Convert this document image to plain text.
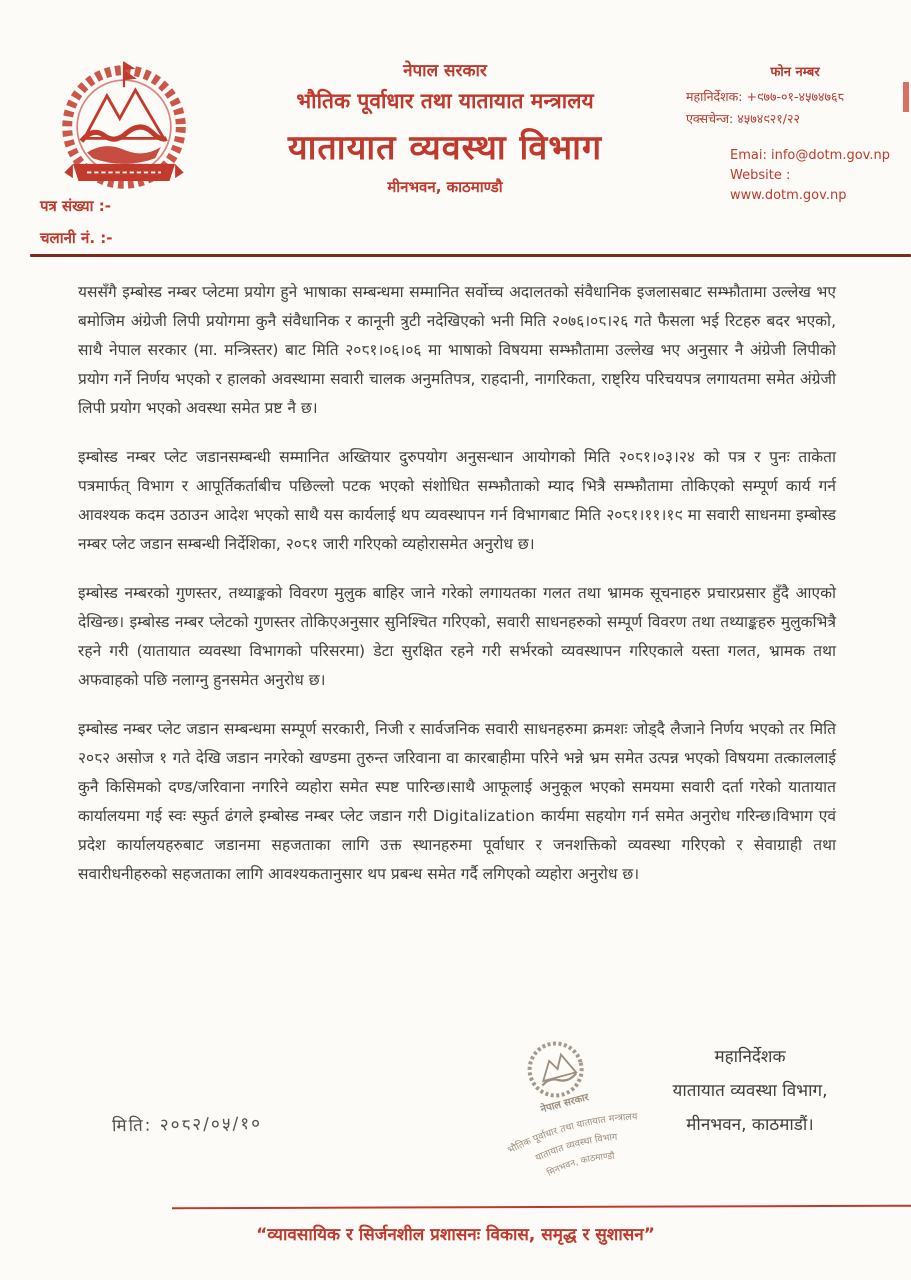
नेपाल सरकार

भौतिक पूर्वाधार तथा यातायात मन्त्रालय

यातायात व्यवस्था विभाग

मीनभवन, काठमाण्डौ

फोन नम्बर
महानिर्देशक: +९७७-०१-४५७४७६८
एक्सचेन्ज: ४५७४९२१/२२
Emai: info@dotm.gov.np
Website : www.dotm.gov.np
पत्र संख्या :-
चलानी नं. :-

यससँगै इम्बोस्ड नम्बर प्लेटमा प्रयोग हुने भाषाका सम्बन्धमा सम्मानित सर्वोच्च अदालतको संवैधानिक इजलासबाट सम्झौतामा उल्लेख भए बमोजिम अंग्रेजी लिपी प्रयोगमा कुनै संवैधानिक र कानूनी त्रुटी नदेखिएको भनी मिति २०७६।०८।२६ गते फैसला भई रिटहरु बदर भएको, साथै नेपाल सरकार (मा. मन्त्रिस्तर) बाट मिति २०८१।०६।०६ मा भाषाको विषयमा सम्झौतामा उल्लेख भए अनुसार नै अंग्रेजी लिपीको प्रयोग गर्ने निर्णय भएको र हालको अवस्थामा सवारी चालक अनुमतिपत्र, राहदानी, नागरिकता, राष्ट्रिय परिचयपत्र लगायतमा समेत अंग्रेजी लिपी प्रयोग भएको अवस्था समेत प्रष्ट नै छ।

इम्बोस्ड नम्बर प्लेट जडानसम्बन्धी सम्मानित अख्तियार दुरुपयोग अनुसन्धान आयोगको मिति २०८१।०३।२४ को पत्र र पुनः ताकेता पत्रमार्फत् विभाग र आपूर्तिकर्ताबीच पछिल्लो पटक भएको संशोधित सम्झौताको म्याद भित्रै सम्झौतामा तोकिएको सम्पूर्ण कार्य गर्न आवश्यक कदम उठाउन आदेश भएको साथै यस कार्यलाई थप व्यवस्थापन गर्न विभागबाट मिति २०८१।११।१९ मा सवारी साधनमा इम्बोस्ड नम्बर प्लेट जडान सम्बन्धी निर्देशिका, २०८१ जारी गरिएको व्यहोरासमेत अनुरोध छ।

इम्बोस्ड नम्बरको गुणस्तर, तथ्याङ्कको विवरण मुलुक बाहिर जाने गरेको लगायतका गलत तथा भ्रामक सूचनाहरु प्रचारप्रसार हुँदै आएको देखिन्छ। इम्बोस्ड नम्बर प्लेटको गुणस्तर तोकिएअनुसार सुनिश्चित गरिएको, सवारी साधनहरुको सम्पूर्ण विवरण तथा तथ्याङ्कहरु मुलुकभित्रै रहने गरी (यातायात व्यवस्था विभागको परिसरमा) डेटा सुरक्षित रहने गरी सर्भरको व्यवस्थापन गरिएकाले यस्ता गलत, भ्रामक तथा अफवाहको पछि नलाग्नु हुनसमेत अनुरोध छ।

इम्बोस्ड नम्बर प्लेट जडान सम्बन्धमा सम्पूर्ण सरकारी, निजी र सार्वजनिक सवारी साधनहरुमा क्रमशः जोड्दै लैजाने निर्णय भएको तर मिति २०८२ असोज १ गते देखि जडान नगरेको खण्डमा तुरुन्त जरिवाना वा कारबाहीमा परिने भन्ने भ्रम समेत उत्पन्न भएको विषयमा तत्काललाई कुनै किसिमको दण्ड/जरिवाना नगरिने व्यहोरा समेत स्पष्ट पारिन्छ।साथै आफूलाई अनुकूल भएको समयमा सवारी दर्ता गरेको यातायात कार्यालयमा गई स्वः स्फुर्त ढंगले इम्बोस्ड नम्बर प्लेट जडान गरी Digitalization कार्यमा सहयोग गर्न समेत अनुरोध गरिन्छ।विभाग एवं प्रदेश कार्यालयहरुबाट जडानमा सहजताका लागि उक्त स्थानहरुमा पूर्वाधार र जनशक्तिको व्यवस्था गरिएको र सेवाग्राही तथा सवारीधनीहरुको सहजताका लागि आवश्यकतानुसार थप प्रबन्ध समेत गर्दै लगिएको व्यहोरा अनुरोध छ।

महानिर्देशक
यातायात व्यवस्था विभाग,
मीनभवन, काठमाडौं।
मिति: २०८२/०५/१०
नेपाल सरकार
भौतिक पूर्वाधार तथा यातायात मन्त्रालय
यातायात व्यवस्था विभाग
मिनभवन, काठमाण्डौ
“व्यावसायिक र सिर्जनशील प्रशासनः विकास, समृद्ध र सुशासन”
